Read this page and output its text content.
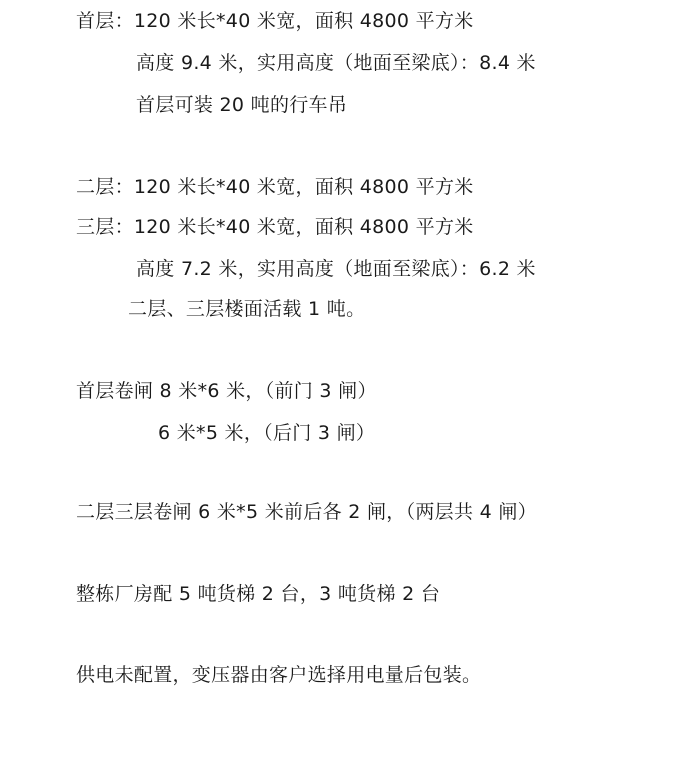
首层：120 米长*40 米宽，面积 4800 平方米
高度 9.4 米，实用高度（地面至梁底）：8.4 米
首层可装 20 吨的行车吊
二层：120 米长*40 米宽，面积 4800 平方米
三层：120 米长*40 米宽，面积 4800 平方米
高度 7.2 米，实用高度（地面至梁底）：6.2 米
二层、三层楼面活载 1 吨。
首层卷闸 8 米*6 米，（前门 3 闸）
6 米*5 米，（后门 3 闸）
二层三层卷闸 6 米*5 米前后各 2 闸，（两层共 4 闸）
整栋厂房配 5 吨货梯 2 台，3 吨货梯 2 台
供电未配置，变压器由客户选择用电量后包装。
